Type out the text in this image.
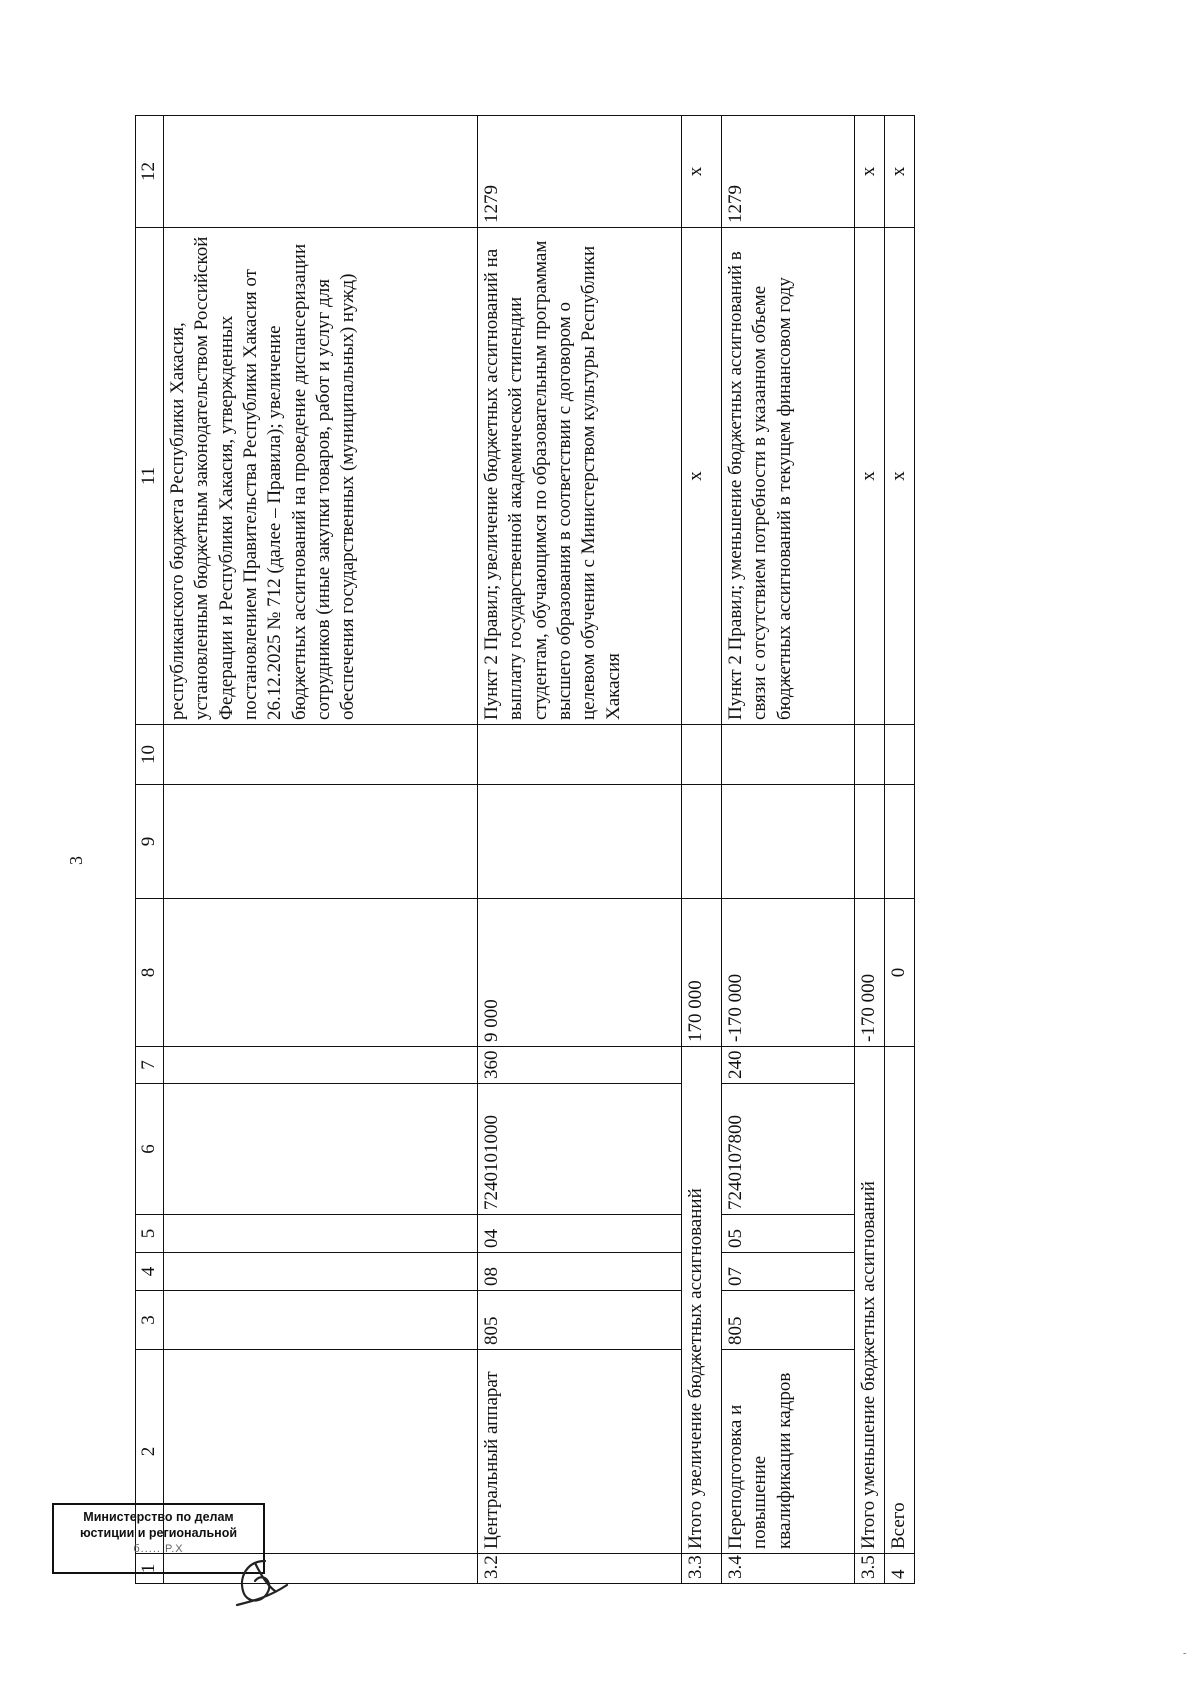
3
1	2	3	4	5	6	7	8	9	10	11	12
										республиканского бюджета Республики Хакасия, установленным бюджетным законодательством Российской Федерации и Республики Хакасия, утвержденных постановлением Правительства Республики Хакасия от 26.12.2025 № 712 (далее – Правила); увеличение бюджетных ассигнований на проведение диспансеризации сотрудников (иные закупки товаров, работ и услуг для обеспечения государственных (муниципальных) нужд)	
3.2	Центральный аппарат	805	08	04	7240101000	360	9 000			Пункт 2 Правил; увеличение бюджетных ассигнований на выплату государственной академической стипендии студентам, обучающимся по образовательным программам высшего образования в соответствии с договором о целевом обучении с Министерством культуры Республики Хакасия	1279
3.3	Итого увеличение бюджетных ассигнований						170 000			х	х
3.4	Переподготовка и повышение квалификации кадров	805	07	05	7240107800	240	-170 000			Пункт 2 Правил; уменьшение бюджетных ассигнований в связи с отсутствием потребности в указанном объеме бюджетных ассигнований в текущем финансовом году	1279
3.5	Итого уменьшение бюджетных ассигнований						-170 000			х	х
4	Всего						0			х	х
Министерство по делам
юстиции и региональной
б..... Р.Х
˜
